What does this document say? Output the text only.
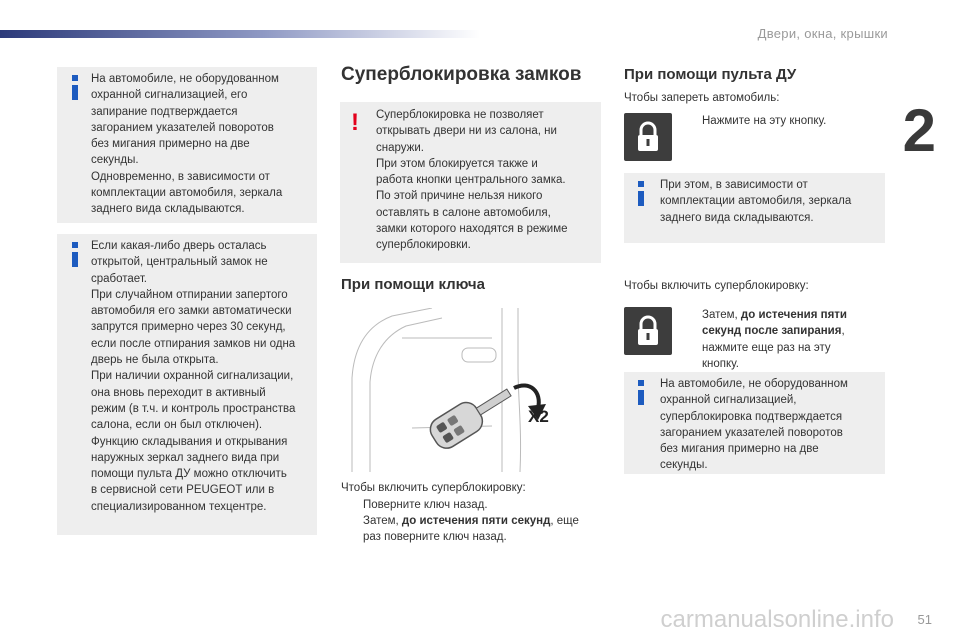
Двери, окна, крышки
2
51
carmanualsonline.info
На автомобиле, не оборудованном
охранной сигнализацией, его
запирание подтверждается
загоранием указателей поворотов
без мигания примерно на две
секунды.
Одновременно, в зависимости от
комплектации автомобиля, зеркала
заднего вида складываются.
Если какая-либо дверь осталась
открытой, центральный замок не
сработает.
При случайном отпирании запертого
автомобиля его замки автоматически
запрутся примерно через 30 секунд,
если после отпирания замков ни одна
дверь не была открыта.
При наличии охранной сигнализации,
она вновь переходит в активный
режим (в т.ч. и контроль пространства
салона, если он был отключен).
Функцию складывания и открывания
наружных зеркал заднего вида при
помощи пульта ДУ можно отключить
в сервисной сети PEUGEOT или в
специализированном техцентре.
Суперблокировка замков
! Суперблокировка не позволяет
открывать двери ни из салона, ни
снаружи.
При этом блокируется также и
работа кнопки центрального замка.
По этой причине нельзя никого
оставлять в салоне автомобиля,
замки которого находятся в режиме
суперблокировки.
При помощи ключа
X2
Чтобы включить суперблокировку:
Поверните ключ назад.
Затем, до истечения пяти секунд, еще
раз поверните ключ назад.
При помощи пульта ДУ
Чтобы запереть автомобиль:
Нажмите на эту кнопку.
При этом, в зависимости от
комплектации автомобиля, зеркала
заднего вида складываются.
Чтобы включить суперблокировку:
Затем, до истечения пяти
секунд после запирания,
нажмите еще раз на эту
кнопку.
На автомобиле, не оборудованном
охранной сигнализацией,
суперблокировка подтверждается
загоранием указателей поворотов
без мигания примерно на две
секунды.
